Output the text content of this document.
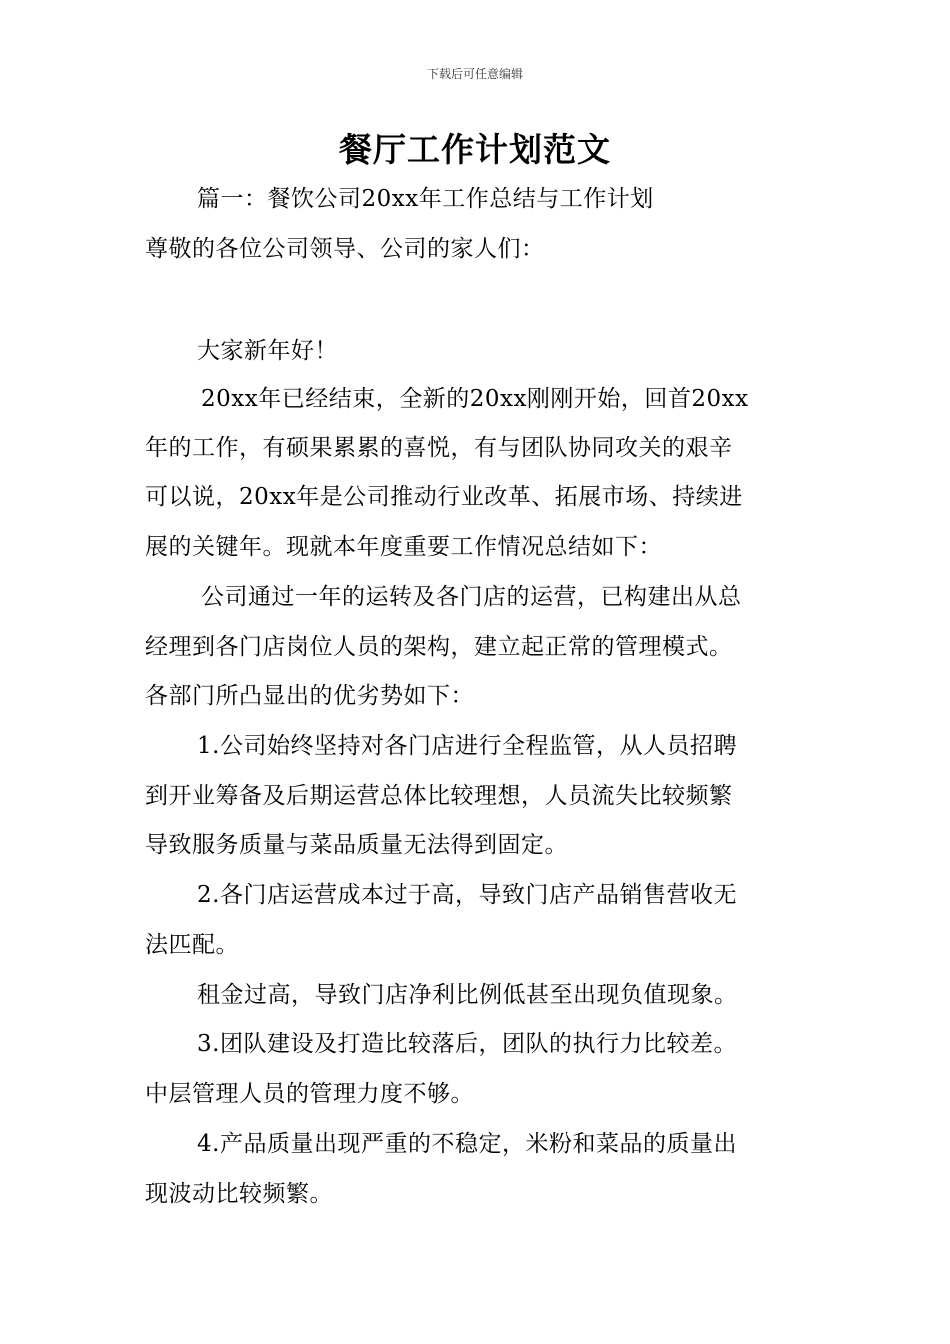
下载后可任意编辑
餐厅工作计划范文
篇一：餐饮公司20xx年工作总结与工作计划
尊敬的各位公司领导、公司的家人们：
大家新年好！
20xx年已经结束，全新的20xx刚刚开始，回首20xx
年的工作，有硕果累累的喜悦，有与团队协同攻关的艰辛
可以说，20xx年是公司推动行业改革、拓展市场、持续进
展的关键年。现就本年度重要工作情况总结如下：
公司通过一年的运转及各门店的运营，已构建出从总
经理到各门店岗位人员的架构，建立起正常的管理模式。
各部门所凸显出的优劣势如下：
1.公司始终坚持对各门店进行全程监管，从人员招聘
到开业筹备及后期运营总体比较理想，人员流失比较频繁
导致服务质量与菜品质量无法得到固定。
2.各门店运营成本过于高，导致门店产品销售营收无
法匹配。
租金过高，导致门店净利比例低甚至出现负值现象。
3.团队建设及打造比较落后，团队的执行力比较差。
中层管理人员的管理力度不够。
4.产品质量出现严重的不稳定，米粉和菜品的质量出
现波动比较频繁。
